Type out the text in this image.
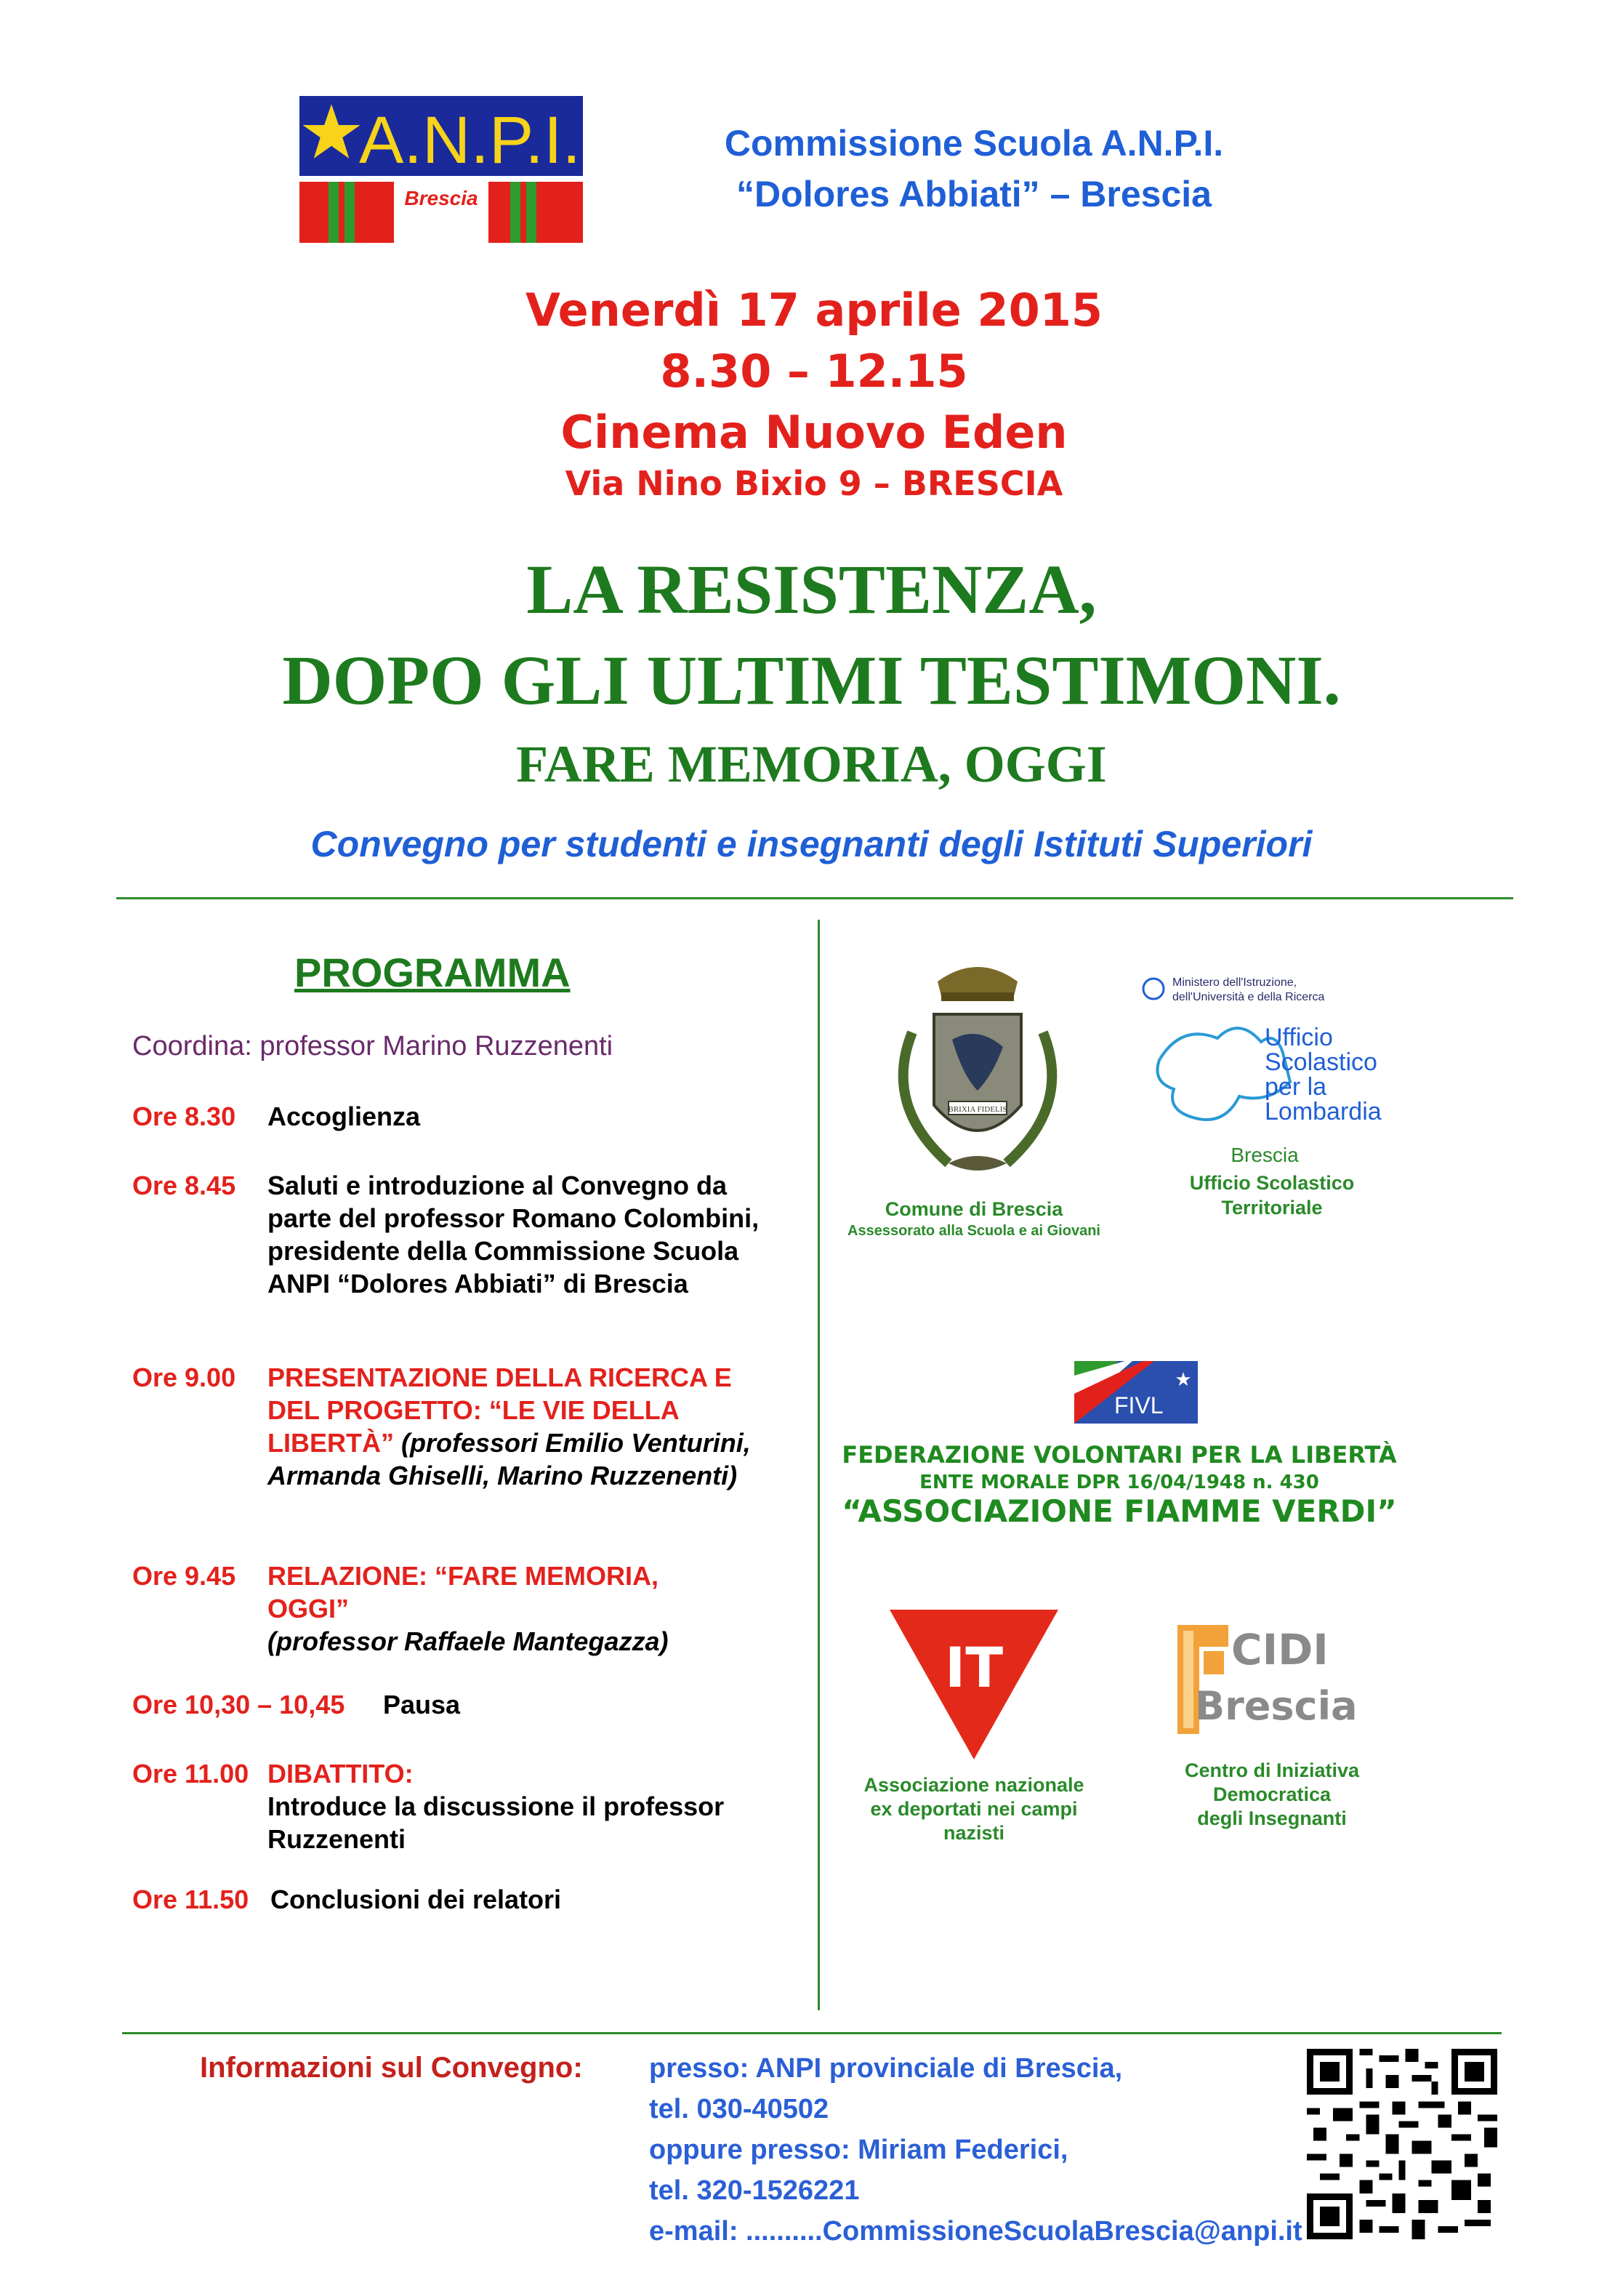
A.N.P.I.
Brescia
Commissione Scuola A.N.P.I.
“Dolores Abbiati” – Brescia
Venerdì 17 aprile 2015
8.30 – 12.15
Cinema Nuovo Eden
Via Nino Bixio 9 – BRESCIA
LA RESISTENZA,
DOPO GLI ULTIMI TESTIMONI.
FARE MEMORIA, OGGI
Convegno per studenti e insegnanti degli Istituti Superiori
PROGRAMMA
Coordina: professor Marino Ruzzenenti
Ore 8.30	Accoglienza
Ore 8.45	Saluti e introduzione al Convegno da parte del professor Romano Colombini, presidente della Commissione Scuola ANPI “Dolores Abbiati” di Brescia
Ore 9.00	PRESENTAZIONE DELLA RICERCA E DEL PROGETTO: “LE VIE DELLA LIBERTÀ” (professori Emilio Venturini, Armanda Ghiselli, Marino Ruzzenenti)
Ore 9.45	RELAZIONE: “FARE MEMORIA, OGGI”
(professor Raffaele Mantegazza)
Ore 10,30 – 10,45	Pausa
Ore 11.00 DIBATTITO:
Introduce la discussione il professor Ruzzenenti
Ore 11.50 Conclusioni dei relatori
BRIXIA FIDELIS
Comune di Brescia
Assessorato alla Scuola e ai Giovani
Ministero dell'Istruzione,
dell'Università e della Ricerca
Ufficio
Scolastico
per la
Lombardia
Brescia
Ufficio Scolastico
Territoriale
FIVL
★
FEDERAZIONE VOLONTARI PER LA LIBERTÀ
ENTE MORALE DPR 16/04/1948 n. 430
“ASSOCIAZIONE FIAMME VERDI”
IT
Associazione nazionale
ex deportati nei campi
nazisti
CIDI
Brescia
Centro di Iniziativa
Democratica
degli Insegnanti
Informazioni sul Convegno: presso: ANPI provinciale di Brescia,
tel. 030-40502
oppure presso: Miriam Federici,
tel. 320-1526221
e-mail: ..........CommissioneScuolaBrescia@anpi.it
